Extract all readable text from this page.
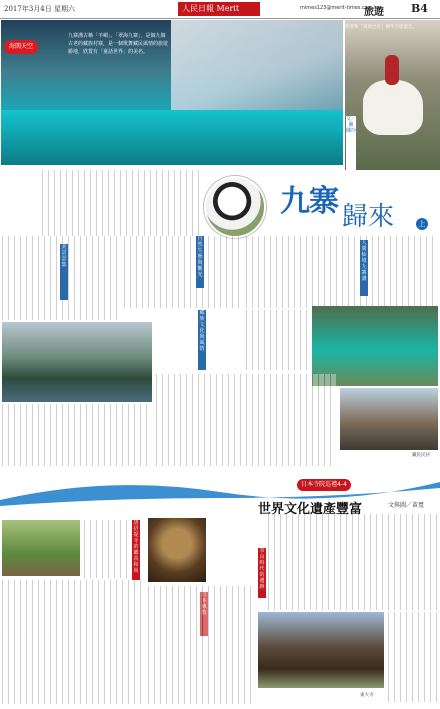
2017年3月4日 星期六	人民日報 Merit	mimes123@merit-times.com.tw
旅遊 B4
海闊天空
九寨溝古稱「羊峒」、「翠海九寨」，是個九個古老的藏族村寨，是一個歌舞藏民風情的旅遊勝地，欣賞有「童話世界」的美名。
作者和「高原之舟」犛牛合影留念。
文／圖 陳玲
九寨 歸來	上
人間仙境九寨溝
自然生態與觀光
藏族文化與風情
美景雲集
藏民民居
日本寺院巡禮4-4
世界文化遺產豐富	文與圖／黃寬
東大寺
唐招提寺的鑑真和尚
日本佛教
奈良時代的遺跡
